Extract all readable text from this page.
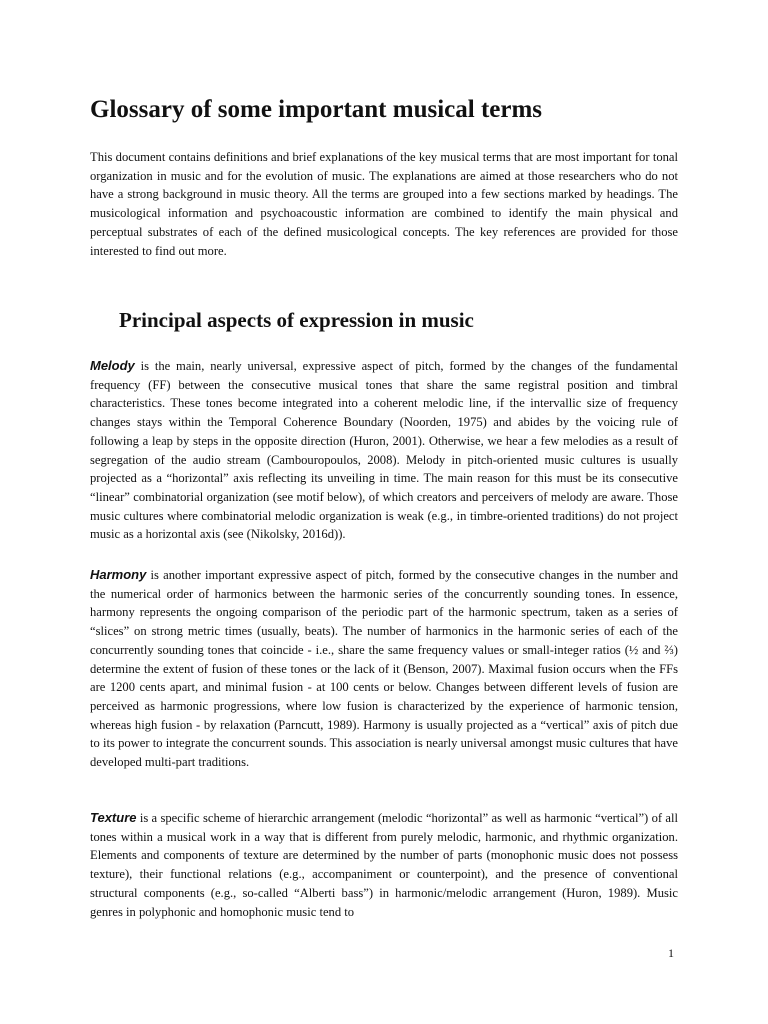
Glossary of some important musical terms

This document contains definitions and brief explanations of the key musical terms that are most important for tonal organization in music and for the evolution of music. The explanations are aimed at those researchers who do not have a strong background in music theory. All the terms are grouped into a few sections marked by headings. The musicological information and psychoacoustic information are combined to identify the main physical and perceptual substrates of each of the defined musicological concepts. The key references are provided for those interested to find out more.

Principal aspects of expression in music

Melody is the main, nearly universal, expressive aspect of pitch, formed by the changes of the fundamental frequency (FF) between the consecutive musical tones that share the same registral position and timbral characteristics. These tones become integrated into a coherent melodic line, if the intervallic size of frequency changes stays within the Temporal Coherence Boundary (Noorden, 1975) and abides by the voicing rule of following a leap by steps in the opposite direction (Huron, 2001). Otherwise, we hear a few melodies as a result of segregation of the audio stream (Cambouropoulos, 2008). Melody in pitch-oriented music cultures is usually projected as a “horizontal” axis reflecting its unveiling in time. The main reason for this must be its consecutive “linear” combinatorial organization (see motif below), of which creators and perceivers of melody are aware. Those music cultures where combinatorial melodic organization is weak (e.g., in timbre-oriented traditions) do not project music as a horizontal axis (see (Nikolsky, 2016d)).

Harmony is another important expressive aspect of pitch, formed by the consecutive changes in the number and the numerical order of harmonics between the harmonic series of the concurrently sounding tones. In essence, harmony represents the ongoing comparison of the periodic part of the harmonic spectrum, taken as a series of “slices” on strong metric times (usually, beats). The number of harmonics in the harmonic series of each of the concurrently sounding tones that coincide - i.e., share the same frequency values or small-integer ratios (½ and ⅔) determine the extent of fusion of these tones or the lack of it (Benson, 2007). Maximal fusion occurs when the FFs are 1200 cents apart, and minimal fusion - at 100 cents or below. Changes between different levels of fusion are perceived as harmonic progressions, where low fusion is characterized by the experience of harmonic tension, whereas high fusion - by relaxation (Parncutt, 1989). Harmony is usually projected as a “vertical” axis of pitch due to its power to integrate the concurrent sounds. This association is nearly universal amongst music cultures that have developed multi-part traditions.

Texture is a specific scheme of hierarchic arrangement (melodic “horizontal” as well as harmonic “vertical”) of all tones within a musical work in a way that is different from purely melodic, harmonic, and rhythmic organization. Elements and components of texture are determined by the number of parts (monophonic music does not possess texture), their functional relations (e.g., accompaniment or counterpoint), and the presence of conventional structural components (e.g., so-called “Alberti bass”) in harmonic/melodic arrangement (Huron, 1989). Music genres in polyphonic and homophonic music tend to

1
